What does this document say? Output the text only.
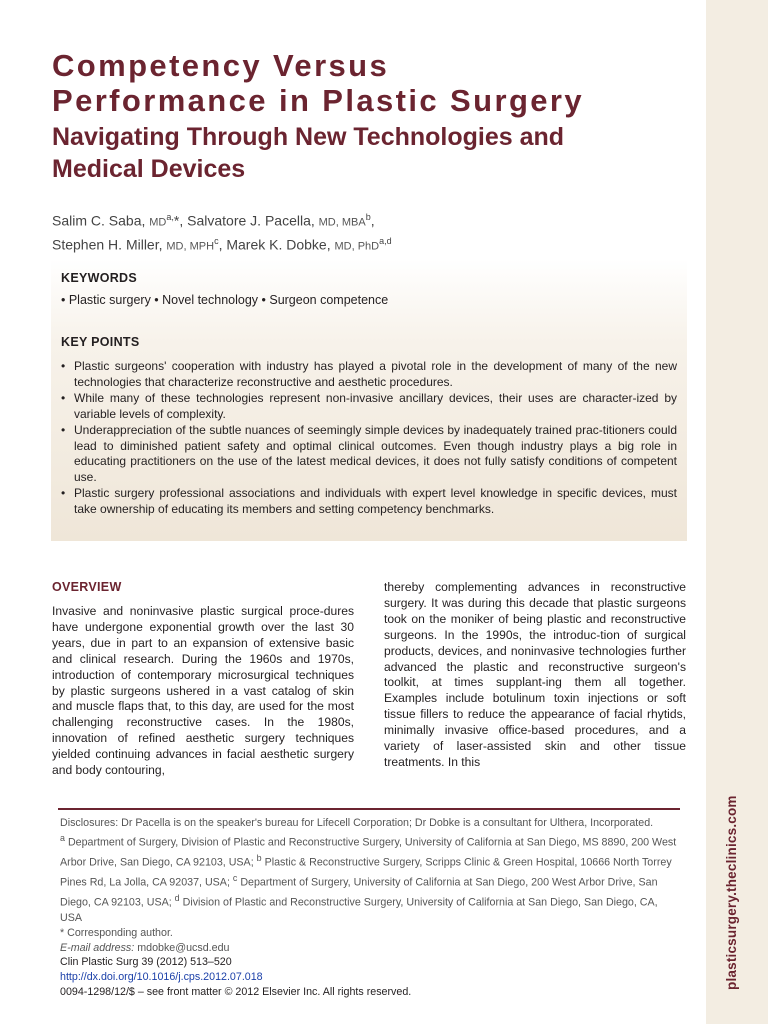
plasticsurgery.theclinics.com
Competency Versus
Performance in Plastic Surgery
Navigating Through New Technologies and
Medical Devices
Salim C. Saba, $MD^{a,}*$, Salvatore J. Pacella, MD, MBA$^b$,
Stephen H. Miller, MD, MPH$^c$, Marek K. Dobke, MD, PhD$^{a,d}$
KEYWORDS
• Plastic surgery • Novel technology • Surgeon competence
KEY POINTS
• Plastic surgeons' cooperation with industry has played a pivotal role in the development of many of the new technologies that characterize reconstructive and aesthetic procedures.
• While many of these technologies represent non-invasive ancillary devices, their uses are character-ized by variable levels of complexity.
• Underappreciation of the subtle nuances of seemingly simple devices by inadequately trained prac-titioners could lead to diminished patient safety and optimal clinical outcomes. Even though industry plays a big role in educating practitioners on the use of the latest medical devices, it does not fully satisfy conditions of competent use.
• Plastic surgery professional associations and individuals with expert level knowledge in specific devices, must take ownership of educating its members and setting competency benchmarks.
OVERVIEW
Invasive and noninvasive plastic surgical proce-dures have undergone exponential growth over the last 30 years, due in part to an expansion of extensive basic and clinical research. During the 1960s and 1970s, introduction of contemporary microsurgical techniques by plastic surgeons ushered in a vast catalog of skin and muscle flaps that, to this day, are used for the most challenging reconstructive cases. In the 1980s, innovation of refined aesthetic surgery techniques yielded continuing advances in facial aesthetic surgery and body contouring,
thereby complementing advances in reconstructive surgery. It was during this decade that plastic surgeons took on the moniker of being plastic and reconstructive surgeons. In the 1990s, the introduc-tion of surgical products, devices, and noninvasive technologies further advanced the plastic and reconstructive surgeon's toolkit, at times supplant-ing them all together. Examples include botulinum toxin injections or soft tissue fillers to reduce the appearance of facial rhytids, minimally invasive office-based procedures, and a variety of laser-assisted skin and other tissue treatments. In this
Disclosures: Dr Pacella is on the speaker's bureau for Lifecell Corporation; Dr Dobke is a consultant for Ulthera, Incorporated.
$^a$ Department of Surgery, Division of Plastic and Reconstructive Surgery, University of California at San Diego, MS 8890, 200 West Arbor Drive, San Diego, CA 92103, USA; $^b$ Plastic & Reconstructive Surgery, Scripps Clinic & Green Hospital, 10666 North Torrey Pines Rd, La Jolla, CA 92037, USA; $^c$ Department of Surgery, University of California at San Diego, 200 West Arbor Drive, San Diego, CA 92103, USA; $^d$ Division of Plastic and Reconstructive Surgery, University of California at San Diego, San Diego, CA, USA
* Corresponding author.
E-mail address: mdobke@ucsd.edu
Clin Plastic Surg 39 (2012) 513–520
http://dx.doi.org/10.1016/j.cps.2012.07.018
0094-1298/12/$ – see front matter © 2012 Elsevier Inc. All rights reserved.
